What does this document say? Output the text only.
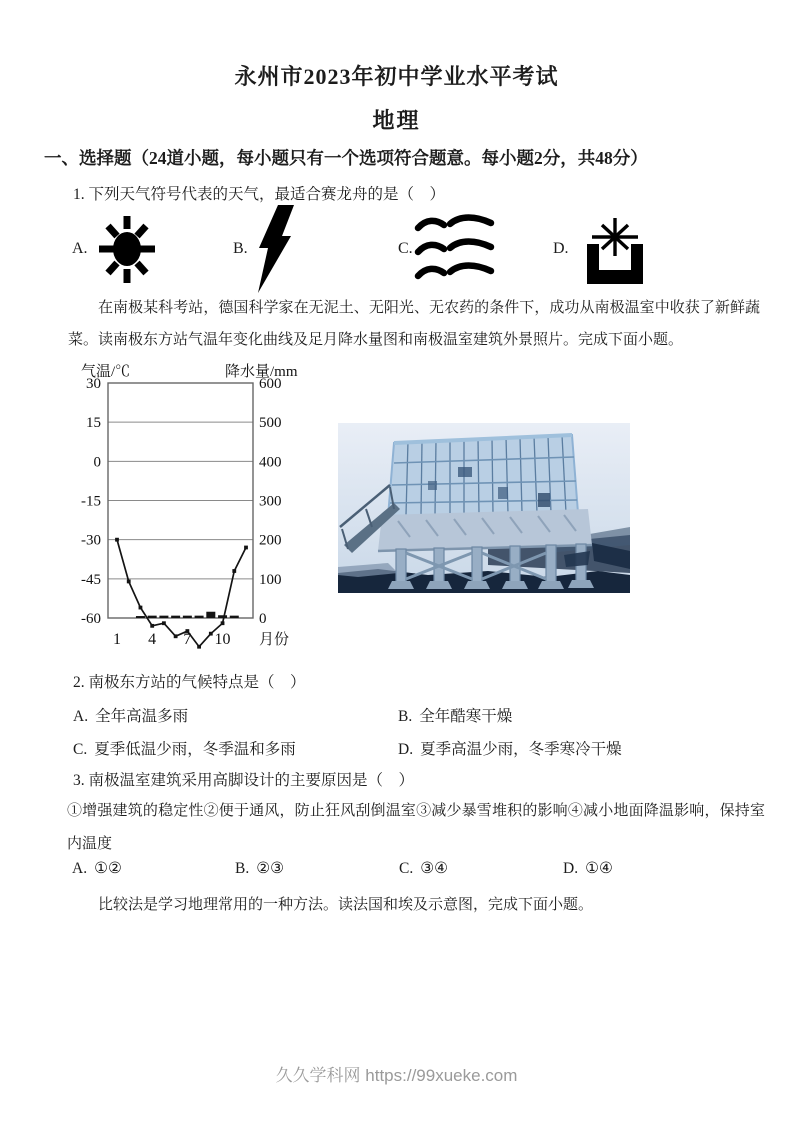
永州市2023年初中学业水平考试
地理
一、选择题（24道小题，每小题只有一个选项符合题意。每小题2分，共48分）
1. 下列天气符号代表的天气，最适合赛龙舟的是（　）
A.	B.	C.	D.
在南极某科考站，德国科学家在无泥土、无阳光、无农药的条件下，成功从南极温室中收获了新鲜蔬菜。读南极东方站气温年变化曲线及足月降水量图和南极温室建筑外景照片。完成下面小题。
气温/℃	降水量/mm
30	600
15	500
0	400
-15	300
-30	200
-45	100
-60	0
1 4 7 10 月份
2. 南极东方站的气候特点是（　）
A. 全年高温多雨	B. 全年酷寒干燥
C. 夏季低温少雨，冬季温和多雨	D. 夏季高温少雨，冬季寒冷干燥
3. 南极温室建筑采用高脚设计的主要原因是（　）
①增强建筑的稳定性②便于通风，防止狂风刮倒温室③减少暴雪堆积的影响④减小地面降温影响，保持室内温度
A. ①②	B. ②③	C. ③④	D. ①④
比较法是学习地理常用的一种方法。读法国和埃及示意图，完成下面小题。
久久学科网 https://99xueke.com
